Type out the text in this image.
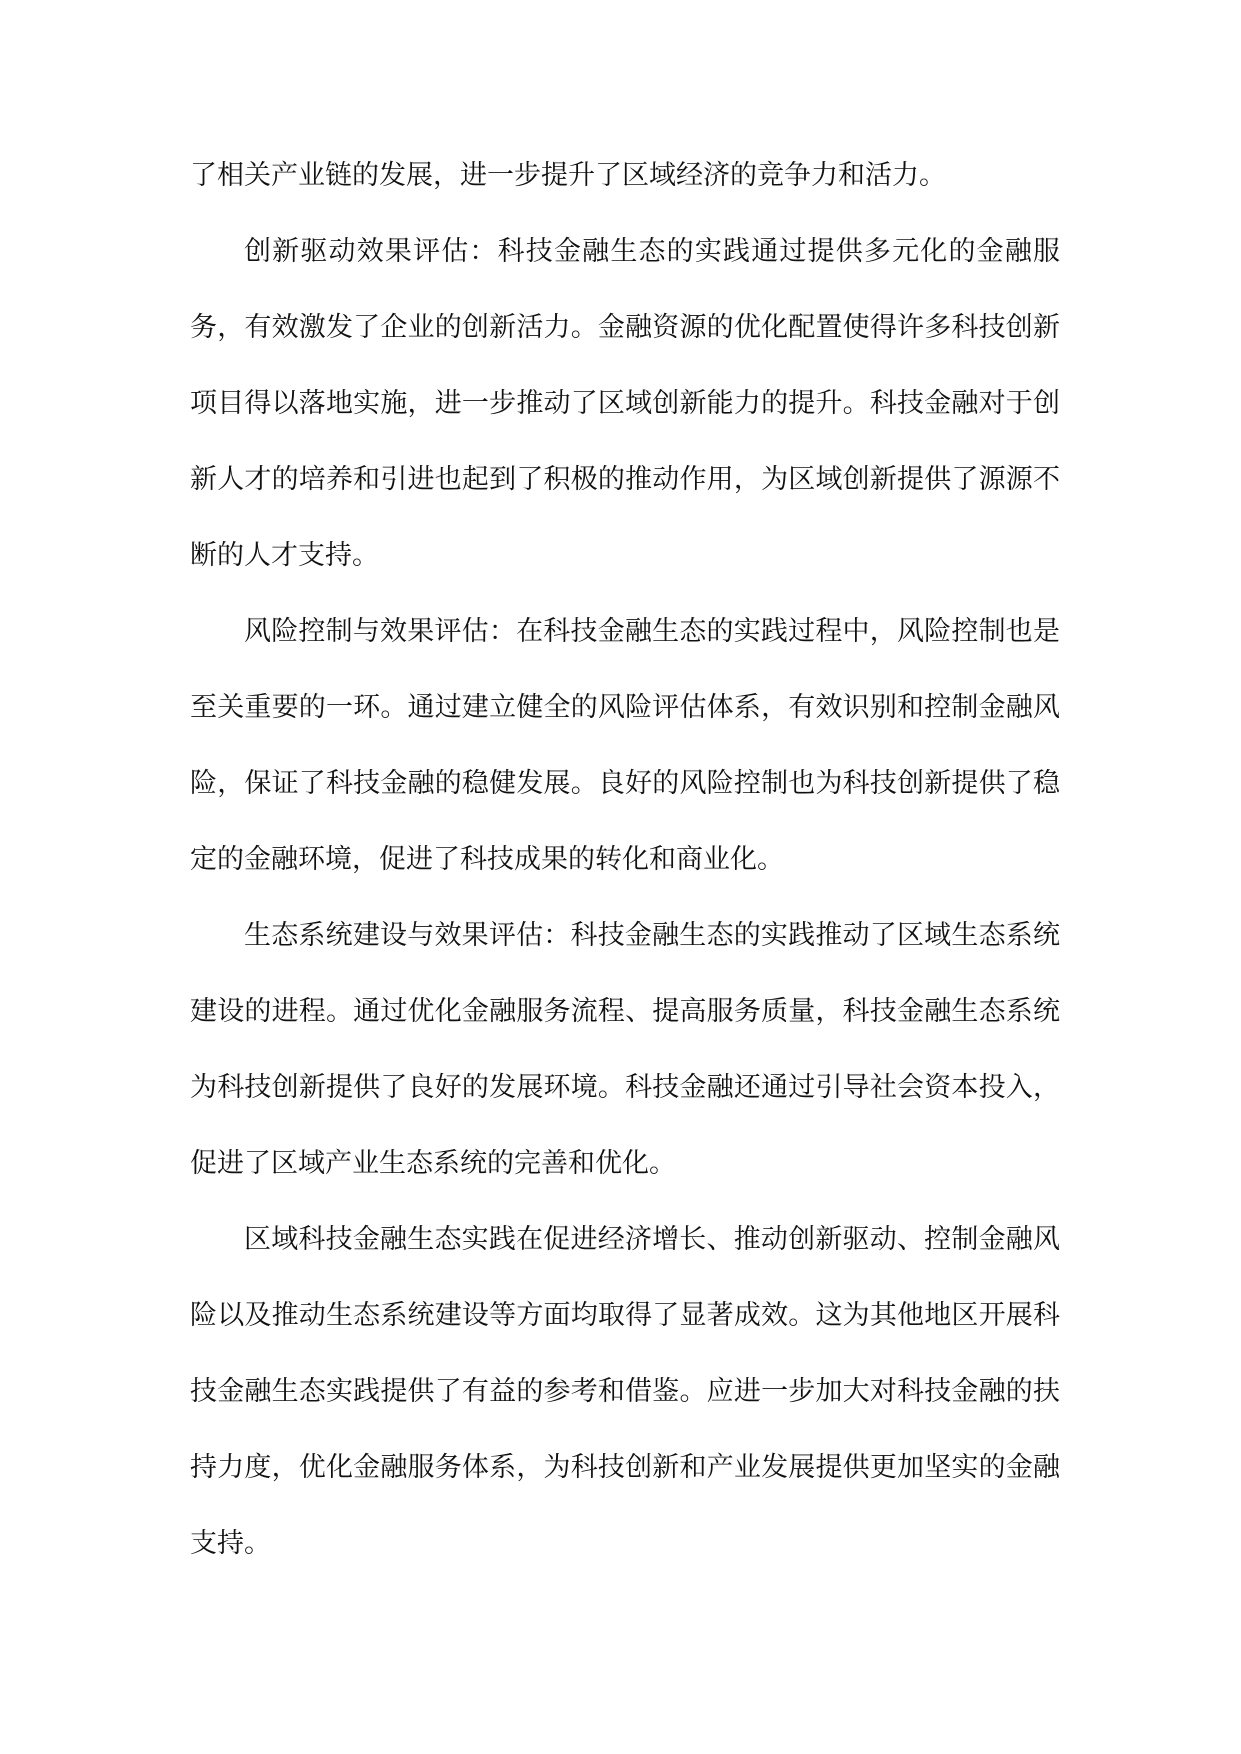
了相关产业链的发展，进一步提升了区域经济的竞争力和活力。

创新驱动效果评估：科技金融生态的实践通过提供多元化的金融服务，有效激发了企业的创新活力。金融资源的优化配置使得许多科技创新项目得以落地实施，进一步推动了区域创新能力的提升。科技金融对于创新人才的培养和引进也起到了积极的推动作用，为区域创新提供了源源不断的人才支持。

风险控制与效果评估：在科技金融生态的实践过程中，风险控制也是至关重要的一环。通过建立健全的风险评估体系，有效识别和控制金融风险，保证了科技金融的稳健发展。良好的风险控制也为科技创新提供了稳定的金融环境，促进了科技成果的转化和商业化。

生态系统建设与效果评估：科技金融生态的实践推动了区域生态系统建设的进程。通过优化金融服务流程、提高服务质量，科技金融生态系统为科技创新提供了良好的发展环境。科技金融还通过引导社会资本投入，促进了区域产业生态系统的完善和优化。

区域科技金融生态实践在促进经济增长、推动创新驱动、控制金融风险以及推动生态系统建设等方面均取得了显著成效。这为其他地区开展科技金融生态实践提供了有益的参考和借鉴。应进一步加大对科技金融的扶持力度，优化金融服务体系，为科技创新和产业发展提供更加坚实的金融支持。
